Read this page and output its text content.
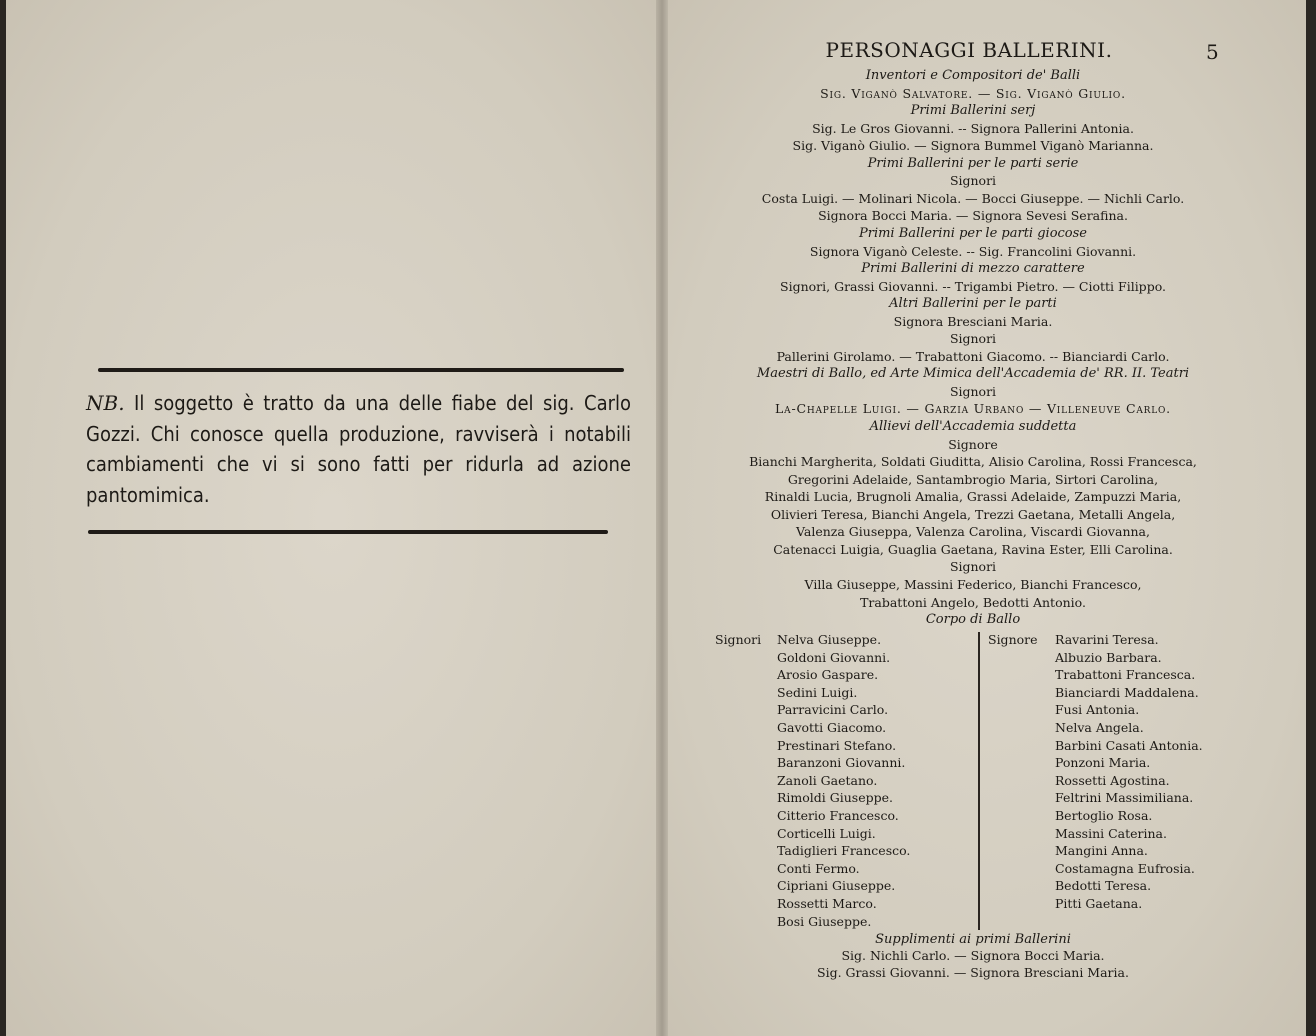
NB. Il soggetto è tratto da una delle fiabe del sig. Carlo Gozzi. Chi conosce quella produzione, ravviserà i notabili cambiamenti che vi si sono fatti per ridurla ad azione pantomimica.
PERSONAGGI BALLERINI.	5
Inventori e Compositori de' Balli
Sig. Viganò Salvatore. — Sig. Viganò Giulio.
Primi Ballerini serj
Sig. Le Gros Giovanni. -- Signora Pallerini Antonia.
Sig. Viganò Giulio. — Signora Bummel Viganò Marianna.
Primi Ballerini per le parti serie
Signori
Costa Luigi. — Molinari Nicola. — Bocci Giuseppe. — Nichli Carlo.
Signora Bocci Maria. — Signora Sevesi Serafina.
Primi Ballerini per le parti giocose
Signora Viganò Celeste. -- Sig. Francolini Giovanni.
Primi Ballerini di mezzo carattere
Signori, Grassi Giovanni. -- Trigambi Pietro. — Ciotti Filippo.
Altri Ballerini per le parti
Signora Bresciani Maria.
Signori
Pallerini Girolamo. — Trabattoni Giacomo. -- Bianciardi Carlo.
Maestri di Ballo, ed Arte Mimica dell'Accademia de' RR. II. Teatri
Signori
La-Chapelle Luigi. — Garzia Urbano — Villeneuve Carlo.
Allievi dell'Accademia suddetta
Signore
Bianchi Margherita, Soldati Giuditta, Alisio Carolina, Rossi Francesca,
Gregorini Adelaide, Santambrogio Maria, Sirtori Carolina,
Rinaldi Lucia, Brugnoli Amalia, Grassi Adelaide, Zampuzzi Maria,
Olivieri Teresa, Bianchi Angela, Trezzi Gaetana, Metalli Angela,
Valenza Giuseppa, Valenza Carolina, Viscardi Giovanna,
Catenacci Luigia, Guaglia Gaetana, Ravina Ester, Elli Carolina.
Signori
Villa Giuseppe, Massini Federico, Bianchi Francesco,
Trabattoni Angelo, Bedotti Antonio.
Corpo di Ballo
Signori Nelva Giuseppe.
Goldoni Giovanni.
Arosio Gaspare.
Sedini Luigi.
Parravicini Carlo.
Gavotti Giacomo.
Prestinari Stefano.
Baranzoni Giovanni.
Zanoli Gaetano.
Rimoldi Giuseppe.
Citterio Francesco.
Corticelli Luigi.
Tadiglieri Francesco.
Conti Fermo.
Cipriani Giuseppe.
Rossetti Marco.
Bosi Giuseppe.
Signore Ravarini Teresa.
Albuzio Barbara.
Trabattoni Francesca.
Bianciardi Maddalena.
Fusi Antonia.
Nelva Angela.
Barbini Casati Antonia.
Ponzoni Maria.
Rossetti Agostina.
Feltrini Massimiliana.
Bertoglio Rosa.
Massini Caterina.
Mangini Anna.
Costamagna Eufrosia.
Bedotti Teresa.
Pitti Gaetana.
Supplimenti ai primi Ballerini
Sig. Nichli Carlo. — Signora Bocci Maria.
Sig. Grassi Giovanni. — Signora Bresciani Maria.
